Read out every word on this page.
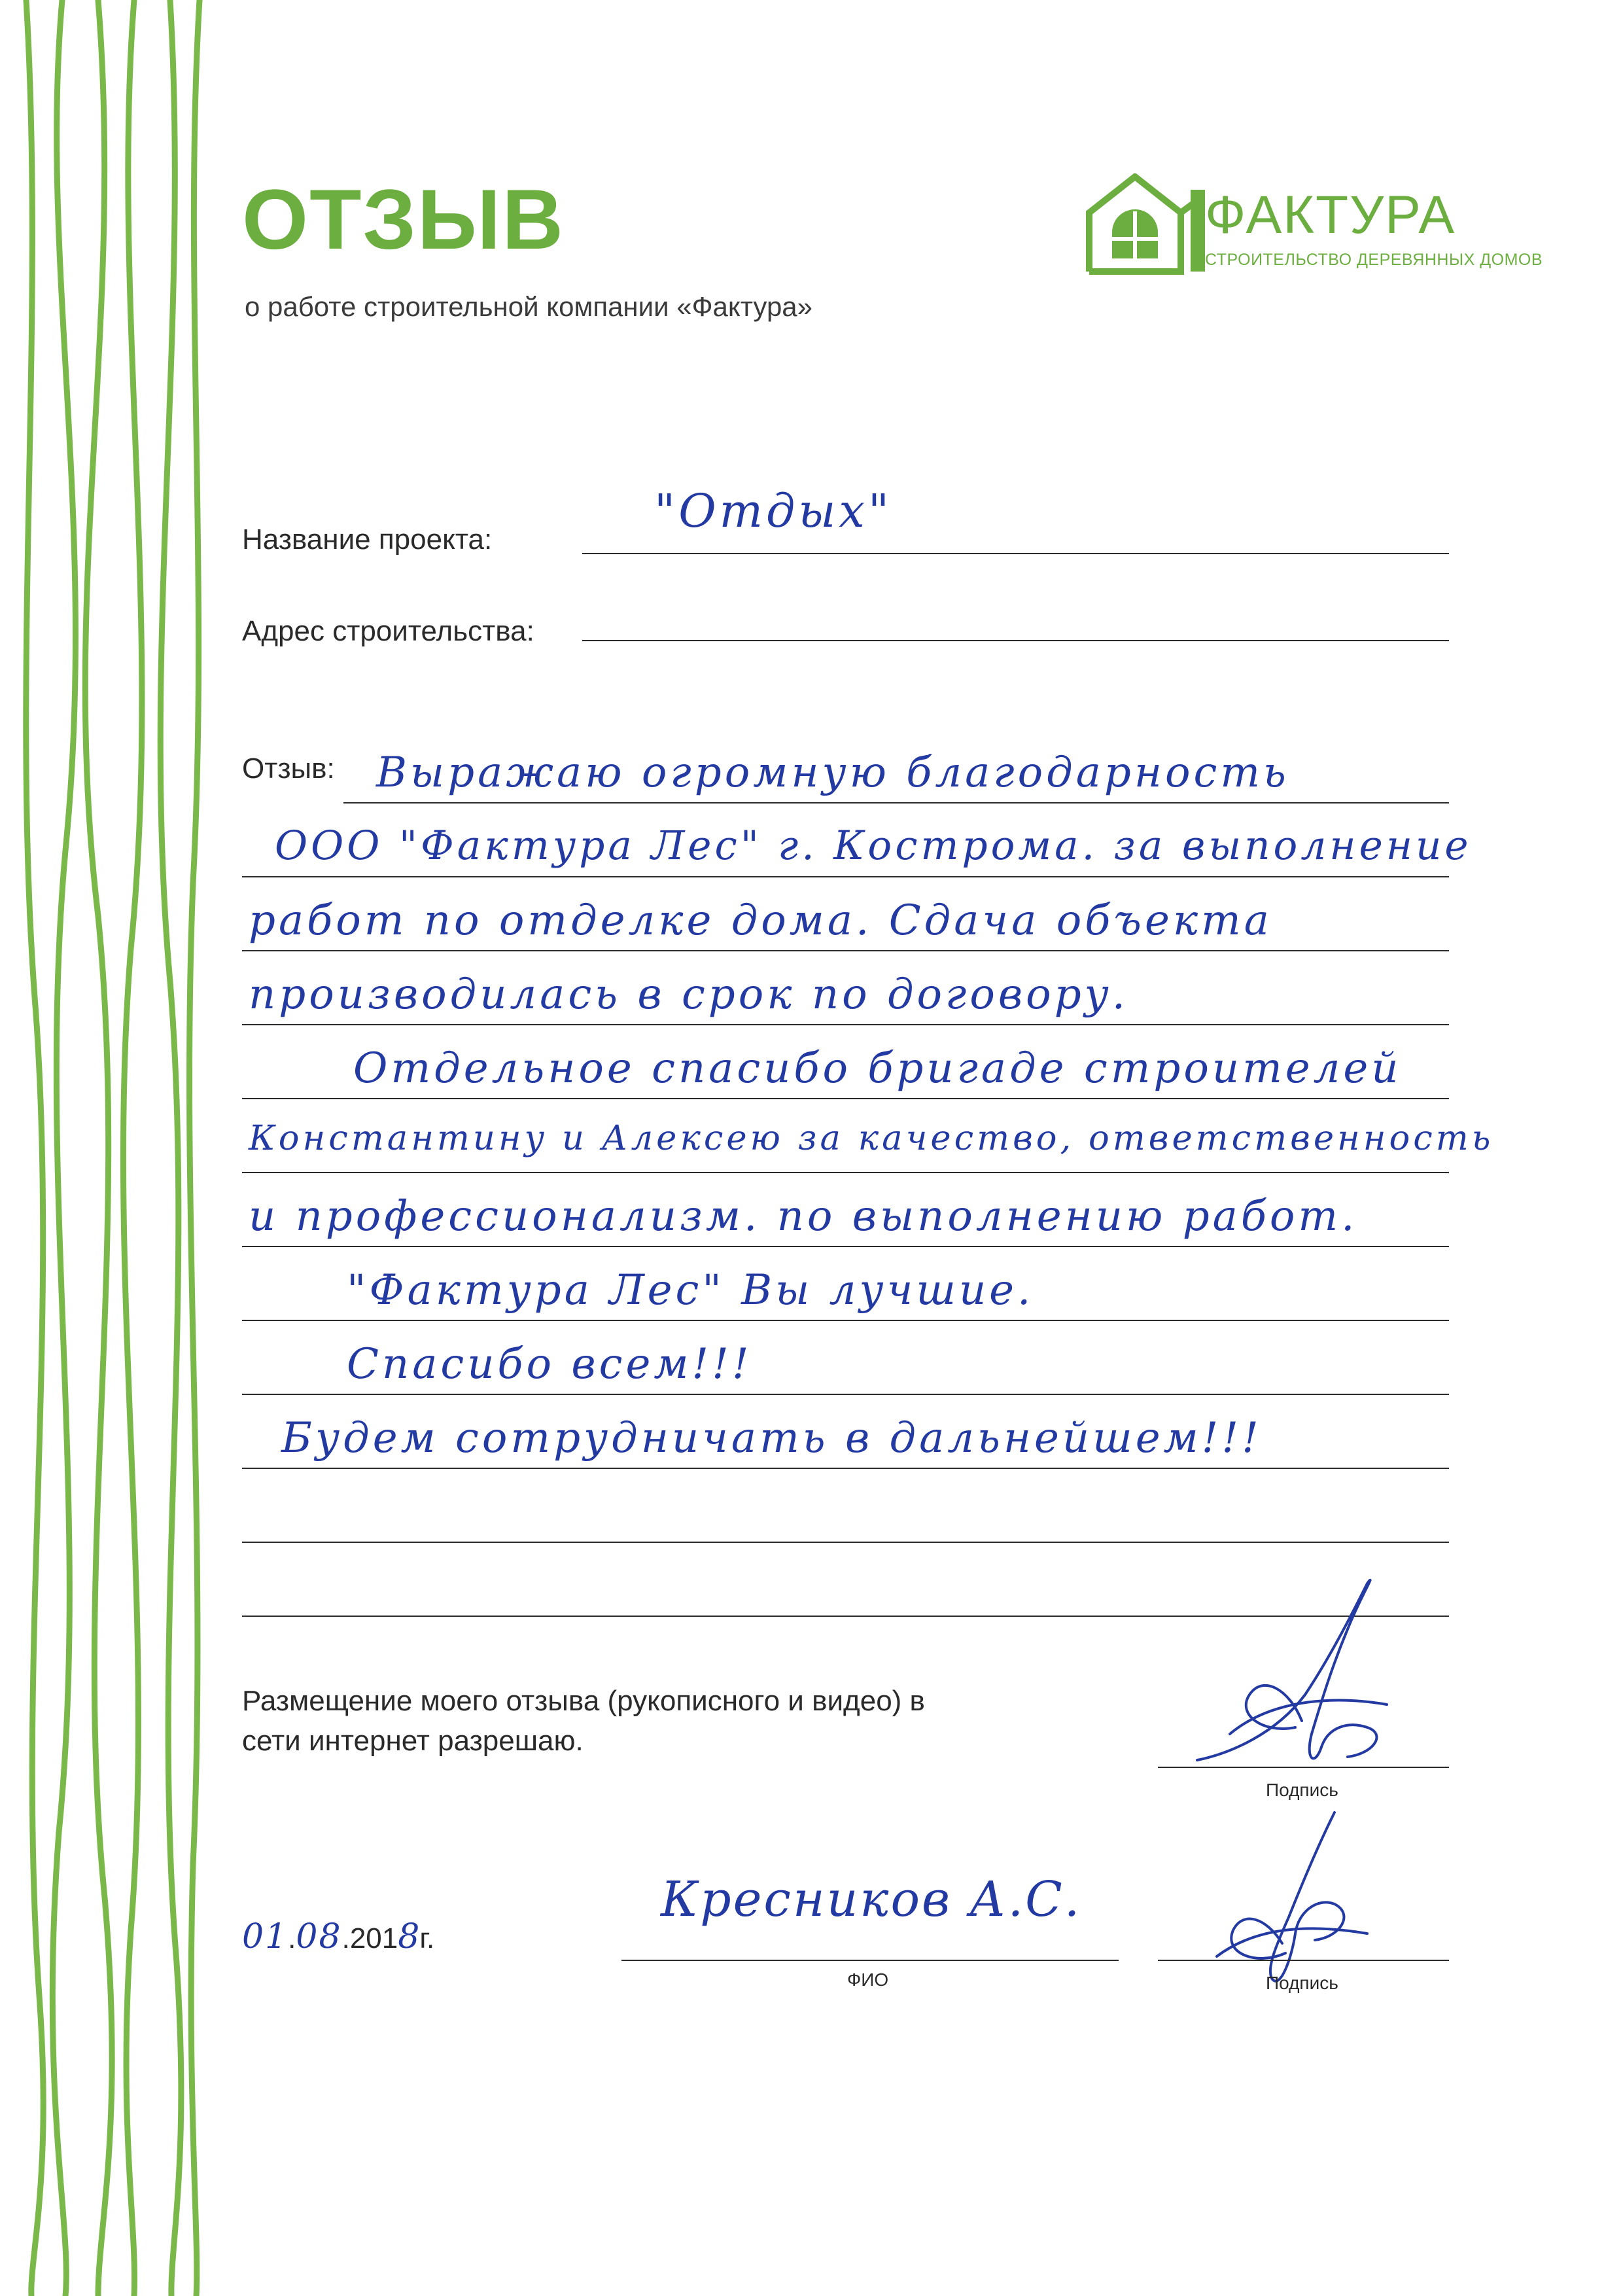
ОТЗЫВ
о работе строительной компании «Фактура»
ФАКТУРА
СТРОИТЕЛЬСТВО ДЕРЕВЯННЫХ ДОМОВ
Название проекта:
"Отдых"
Адрес строительства:
Отзыв: Выражаю огромную благодарность
ООО "Фактура Лес" г. Кострома. за выполнение
работ по отделке дома. Сдача объекта
производилась в срок по договору.
Отдельное спасибо бригаде строителей
Константину и Алексею за качество, ответственность
и профессионализм. по выполнению работ.
"Фактура Лес" Вы лучшие.
Спасибо всем!!!
Будем сотрудничать в дальнейшем!!!
Размещение моего отзыва (рукописного и видео) в
сети интернет разрешаю.
Подпись
01.08.2018г.
Кресников А.С.
ФИО	Подпись
